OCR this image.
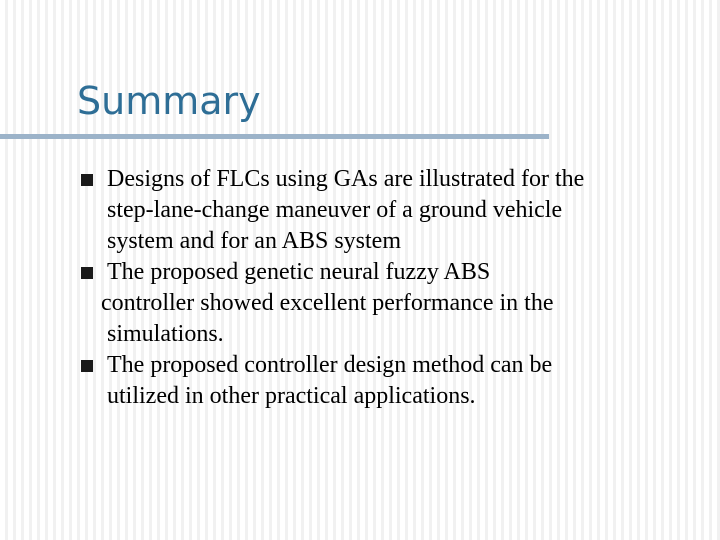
Summary
Designs of FLCs using GAs are illustrated for the
step-lane-change maneuver of a ground vehicle
system and for an ABS system
The proposed genetic neural fuzzy ABS
controller showed excellent performance in the
simulations.
The proposed controller design method can be
utilized in other practical applications.
